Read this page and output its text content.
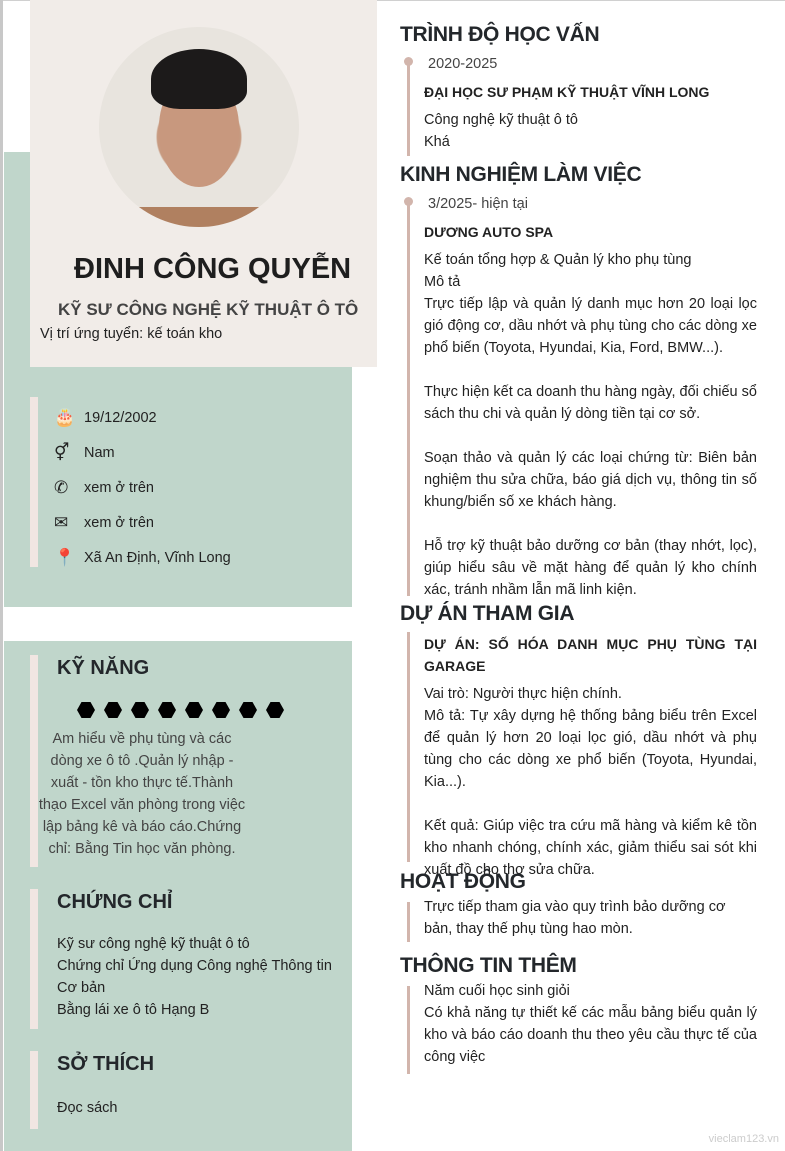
ĐINH CÔNG QUYỄN
KỸ SƯ CÔNG NGHỆ KỸ THUẬT Ô TÔ
Vị trí ứng tuyển: kế toán kho
🎂 19/12/2002
⚥	Nam
✆	xem ở trên
✉	xem ở trên
📍 Xã An Định, Vĩnh Long
KỸ NĂNG
Am hiểu về phụ tùng và các dòng xe ô tô .Quản lý nhập - xuất - tồn kho thực tế.Thành thạo Excel văn phòng trong việc lập bảng kê và báo cáo.Chứng chỉ: Bằng Tin học văn phòng.
CHỨNG CHỈ
Kỹ sư công nghệ kỹ thuật ô tô
Chứng chỉ Ứng dụng Công nghệ Thông tin Cơ bản
Bằng lái xe ô tô Hạng B
SỞ THÍCH
Đọc sách
TRÌNH ĐỘ HỌC VẤN
2020-2025
ĐẠI HỌC SƯ PHẠM KỸ THUẬT VĨNH LONG
Công nghệ kỹ thuật ô tô
Khá
KINH NGHIỆM LÀM VIỆC
3/2025- hiện tại
DƯƠNG AUTO SPA
Kế toán tổng hợp & Quản lý kho phụ tùng
Mô tả
Trực tiếp lập và quản lý danh mục hơn 20 loại lọc gió động cơ, dầu nhớt và phụ tùng cho các dòng xe phổ biến (Toyota, Hyundai, Kia, Ford, BMW...).
Thực hiện kết ca doanh thu hàng ngày, đối chiếu sổ sách thu chi và quản lý dòng tiền tại cơ sở.
Soạn thảo và quản lý các loại chứng từ: Biên bản nghiệm thu sửa chữa, báo giá dịch vụ, thông tin số khung/biển số xe khách hàng.
Hỗ trợ kỹ thuật bảo dưỡng cơ bản (thay nhớt, lọc), giúp hiểu sâu về mặt hàng để quản lý kho chính xác, tránh nhầm lẫn mã linh kiện.
DỰ ÁN THAM GIA
DỰ ÁN: SỐ HÓA DANH MỤC PHỤ TÙNG TẠI GARAGE
Vai trò: Người thực hiện chính.
Mô tả: Tự xây dựng hệ thống bảng biểu trên Excel để quản lý hơn 20 loại lọc gió, dầu nhớt và phụ tùng cho các dòng xe phổ biến (Toyota, Hyundai, Kia...).
Kết quả: Giúp việc tra cứu mã hàng và kiểm kê tồn kho nhanh chóng, chính xác, giảm thiểu sai sót khi xuất đồ cho thợ sửa chữa.
HOẠT ĐỘNG
Trực tiếp tham gia vào quy trình bảo dưỡng cơ bản, thay thế phụ tùng hao mòn.
THÔNG TIN THÊM
Năm cuối học sinh giỏi
Có khả năng tự thiết kế các mẫu bảng biểu quản lý kho và báo cáo doanh thu theo yêu cầu thực tế của công việc
vieclam123.vn
